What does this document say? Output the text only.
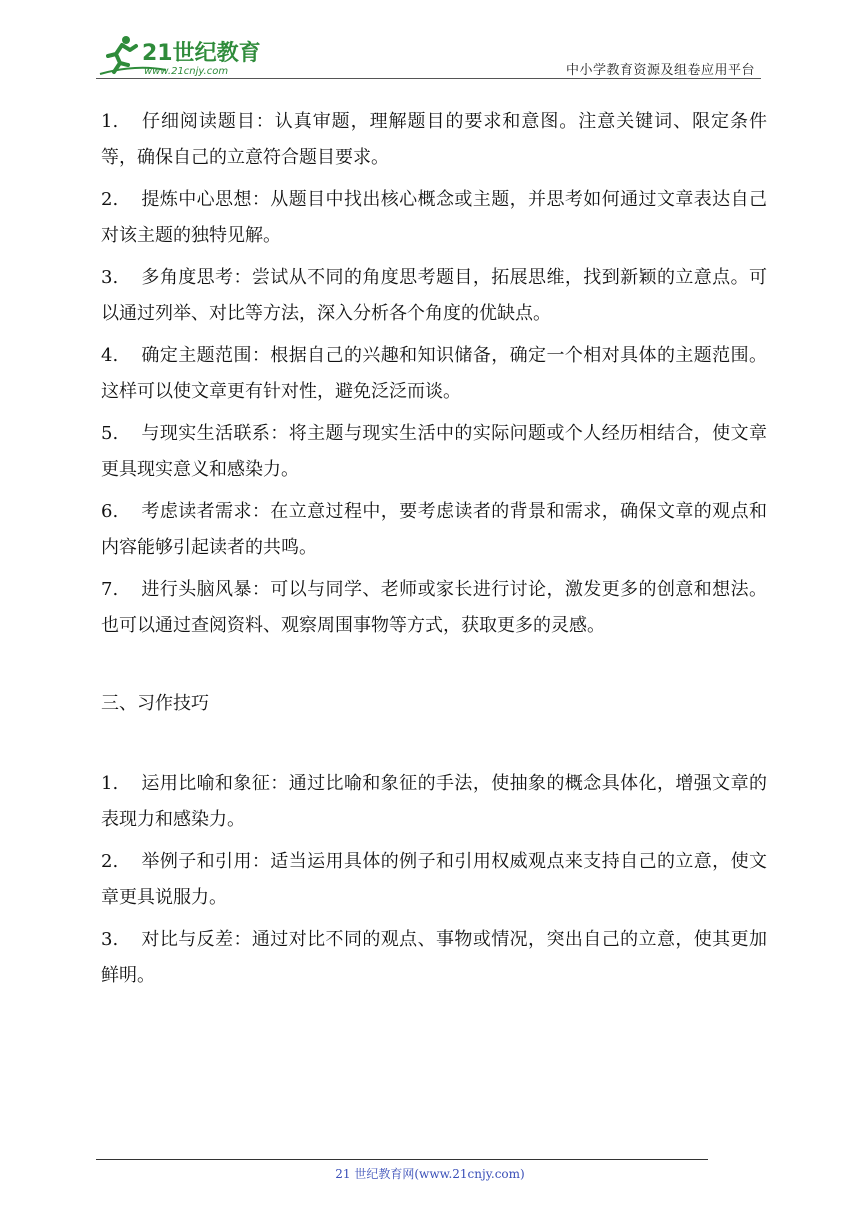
21世纪教育
www.21cnjy.com	中小学教育资源及组卷应用平台
1. 仔细阅读题目：认真审题，理解题目的要求和意图。注意关键词、限定条件等，确保自己的立意符合题目要求。
2. 提炼中心思想：从题目中找出核心概念或主题，并思考如何通过文章表达自己对该主题的独特见解。
3. 多角度思考：尝试从不同的角度思考题目，拓展思维，找到新颖的立意点。可以通过列举、对比等方法，深入分析各个角度的优缺点。
4. 确定主题范围：根据自己的兴趣和知识储备，确定一个相对具体的主题范围。这样可以使文章更有针对性，避免泛泛而谈。
5. 与现实生活联系：将主题与现实生活中的实际问题或个人经历相结合，使文章更具现实意义和感染力。
6. 考虑读者需求：在立意过程中，要考虑读者的背景和需求，确保文章的观点和内容能够引起读者的共鸣。
7. 进行头脑风暴：可以与同学、老师或家长进行讨论，激发更多的创意和想法。也可以通过查阅资料、观察周围事物等方式，获取更多的灵感。
三、习作技巧
1. 运用比喻和象征：通过比喻和象征的手法，使抽象的概念具体化，增强文章的表现力和感染力。
2. 举例子和引用：适当运用具体的例子和引用权威观点来支持自己的立意，使文章更具说服力。
3. 对比与反差：通过对比不同的观点、事物或情况，突出自己的立意，使其更加鲜明。
21 世纪教育网(www.21cnjy.com)
